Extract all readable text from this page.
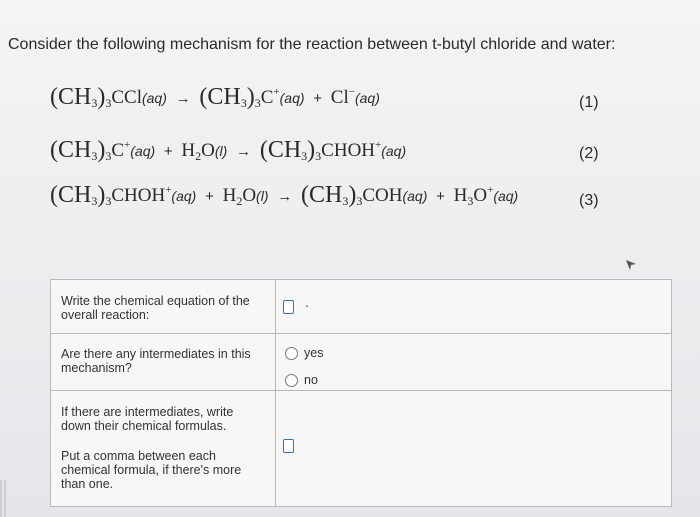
Consider the following mechanism for the reaction between t-butyl chloride and water:
$(CH_3)_3CCl(aq) \to (CH_3)_3C^+(aq) + Cl^-(aq)$	(1)
$(CH_3)_3C^+(aq) + H_2O(l)$ → $(CH_3)_3CHOH^+(aq)$	(2)
$(CH_3)_3CHOH^+(aq) + H_2O(l) \to (CH_3)_3COH(aq) + H_3O^+(aq)$	(3)
Write the chemical equation of the overall reaction:	.

Are there any intermediates in this mechanism?	yes
no

If there are intermediates, write down their chemical formulas.
Put a comma between each chemical formula, if there's more than one.	
